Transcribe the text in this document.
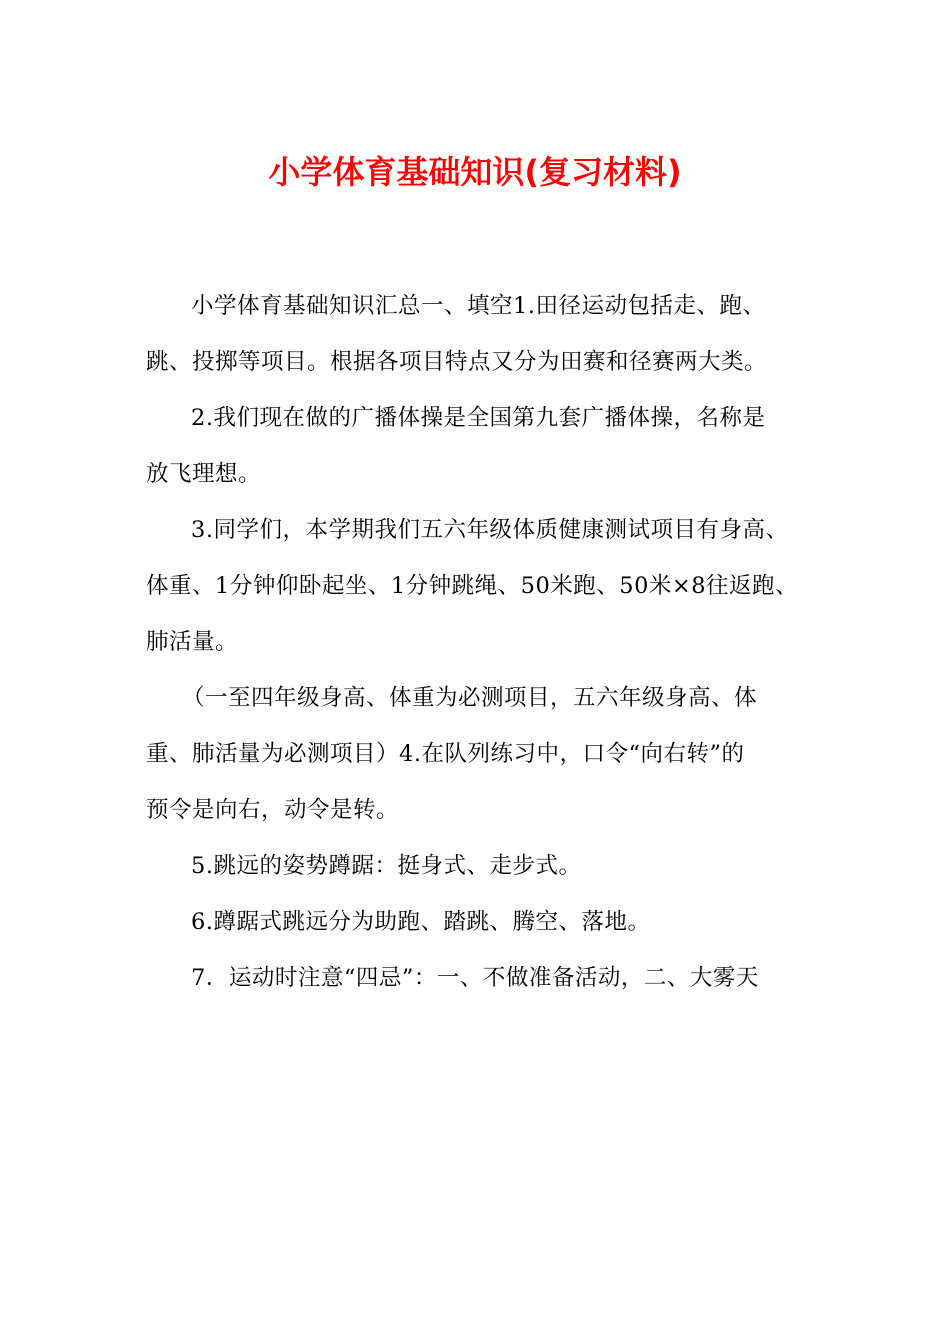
小学体育基础知识(复习材料)

小学体育基础知识汇总一、填空1.田径运动包括走、跑、

跳、投掷等项目。根据各项目特点又分为田赛和径赛两大类。

2.我们现在做的广播体操是全国第九套广播体操，名称是

放飞理想。

3.同学们，本学期我们五六年级体质健康测试项目有身高、

体重、1分钟仰卧起坐、1分钟跳绳、50米跑、50米×8往返跑、

肺活量。

（一至四年级身高、体重为必测项目，五六年级身高、体

重、肺活量为必测项目）4.在队列练习中，口令“向右转”的

预令是向右，动令是转。

5.跳远的姿势蹲踞：挺身式、走步式。

6.蹲踞式跳远分为助跑、踏跳、腾空、落地。

7．运动时注意“四忌”：一、不做准备活动，二、大雾天
